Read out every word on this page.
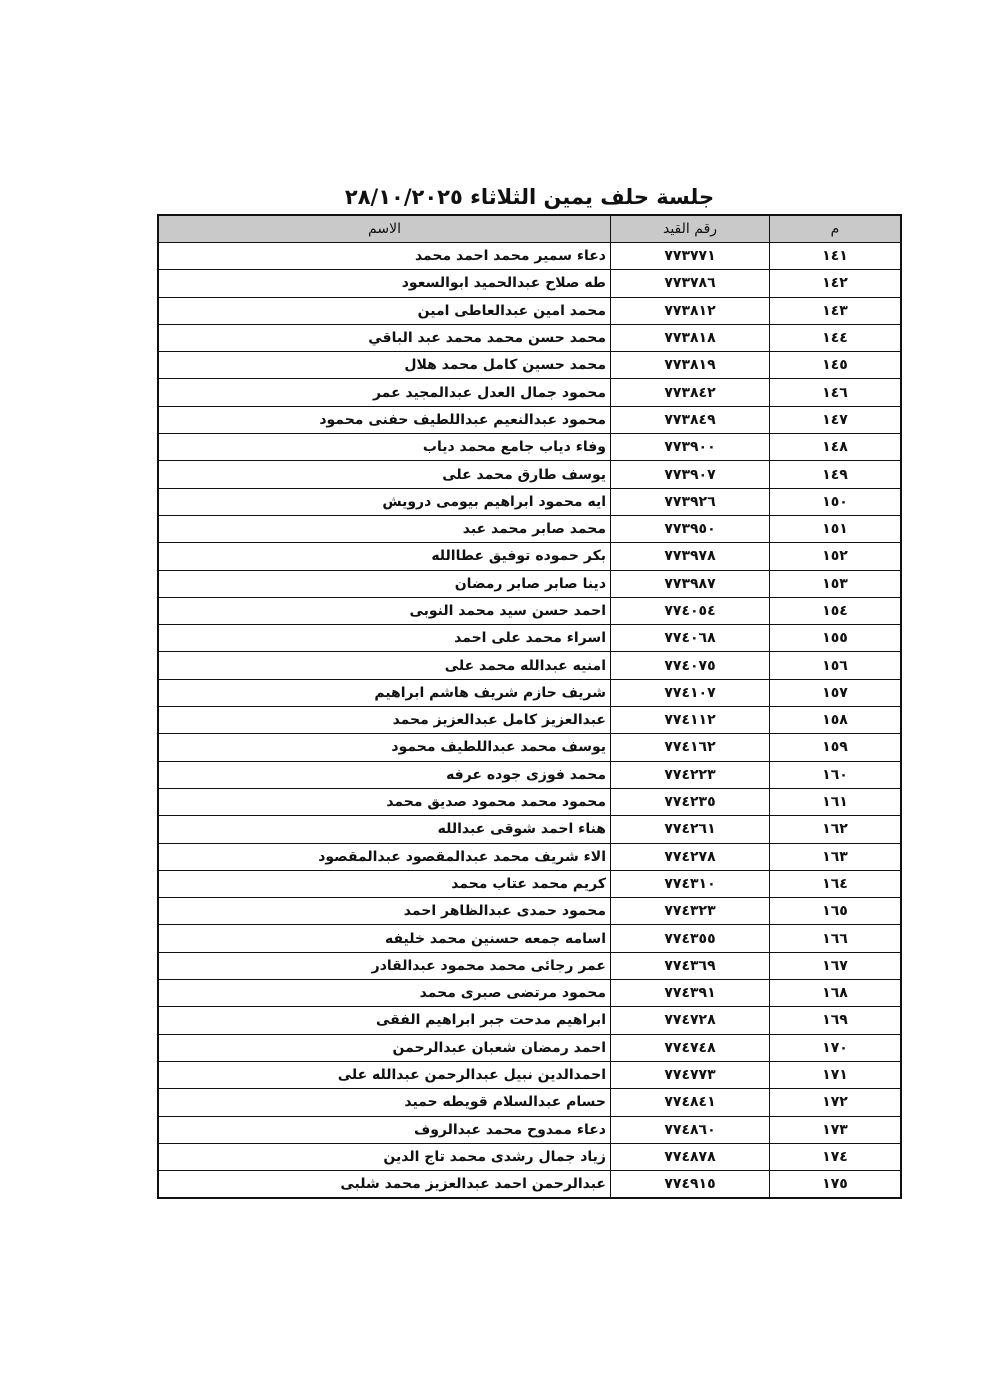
جلسة حلف يمين الثلاثاء ٢٨/١٠/٢٠٢٥
م	رقم القيد	الاسم
١٤١	٧٧٣٧٧١	دعاء سمير محمد احمد محمد
١٤٢	٧٧٣٧٨٦	طه صلاح عبدالحميد ابوالسعود
١٤٣	٧٧٣٨١٢	محمد امين عبدالعاطى امين
١٤٤	٧٧٣٨١٨	محمد حسن محمد محمد عبد الباقي
١٤٥	٧٧٣٨١٩	محمد حسين كامل محمد هلال
١٤٦	٧٧٣٨٤٢	محمود جمال العدل عبدالمجيد عمر
١٤٧	٧٧٣٨٤٩	محمود عبدالنعيم عبداللطيف حفنى محمود
١٤٨	٧٧٣٩٠٠	وفاء دياب جامع محمد دياب
١٤٩	٧٧٣٩٠٧	يوسف طارق محمد على
١٥٠	٧٧٣٩٢٦	ايه محمود ابراهيم بيومى درويش
١٥١	٧٧٣٩٥٠	محمد صابر محمد عبد
١٥٢	٧٧٣٩٧٨	بكر حموده توفيق عطاالله
١٥٣	٧٧٣٩٨٧	دينا صابر صابر رمضان
١٥٤	٧٧٤٠٥٤	احمد حسن سيد محمد النوبى
١٥٥	٧٧٤٠٦٨	اسراء محمد على احمد
١٥٦	٧٧٤٠٧٥	امنيه عبدالله محمد على
١٥٧	٧٧٤١٠٧	شريف حازم شريف هاشم ابراهيم
١٥٨	٧٧٤١١٢	عبدالعزيز كامل عبدالعزيز محمد
١٥٩	٧٧٤١٦٢	يوسف محمد عبداللطيف محمود
١٦٠	٧٧٤٢٢٣	محمد فوزى جوده عرفه
١٦١	٧٧٤٢٣٥	محمود محمد محمود صديق محمد
١٦٢	٧٧٤٢٦١	هناء احمد شوقى عبدالله
١٦٣	٧٧٤٢٧٨	الاء شريف محمد عبدالمقصود عبدالمقصود
١٦٤	٧٧٤٣١٠	كريم محمد عتاب محمد
١٦٥	٧٧٤٣٢٣	محمود حمدى عبدالظاهر احمد
١٦٦	٧٧٤٣٥٥	اسامه جمعه حسنين محمد خليفه
١٦٧	٧٧٤٣٦٩	عمر رجائى محمد محمود عبدالقادر
١٦٨	٧٧٤٣٩١	محمود مرتضى صبرى محمد
١٦٩	٧٧٤٧٢٨	ابراهيم مدحت جبر ابراهيم الفقى
١٧٠	٧٧٤٧٤٨	احمد رمضان شعبان عبدالرحمن
١٧١	٧٧٤٧٧٣	احمدالدين نبيل عبدالرحمن عبدالله على
١٧٢	٧٧٤٨٤١	حسام عبدالسلام قويطه حميد
١٧٣	٧٧٤٨٦٠	دعاء ممدوح محمد عبدالروف
١٧٤	٧٧٤٨٧٨	زياد جمال رشدى محمد تاج الدين
١٧٥	٧٧٤٩١٥	عبدالرحمن احمد عبدالعزيز محمد شلبى
